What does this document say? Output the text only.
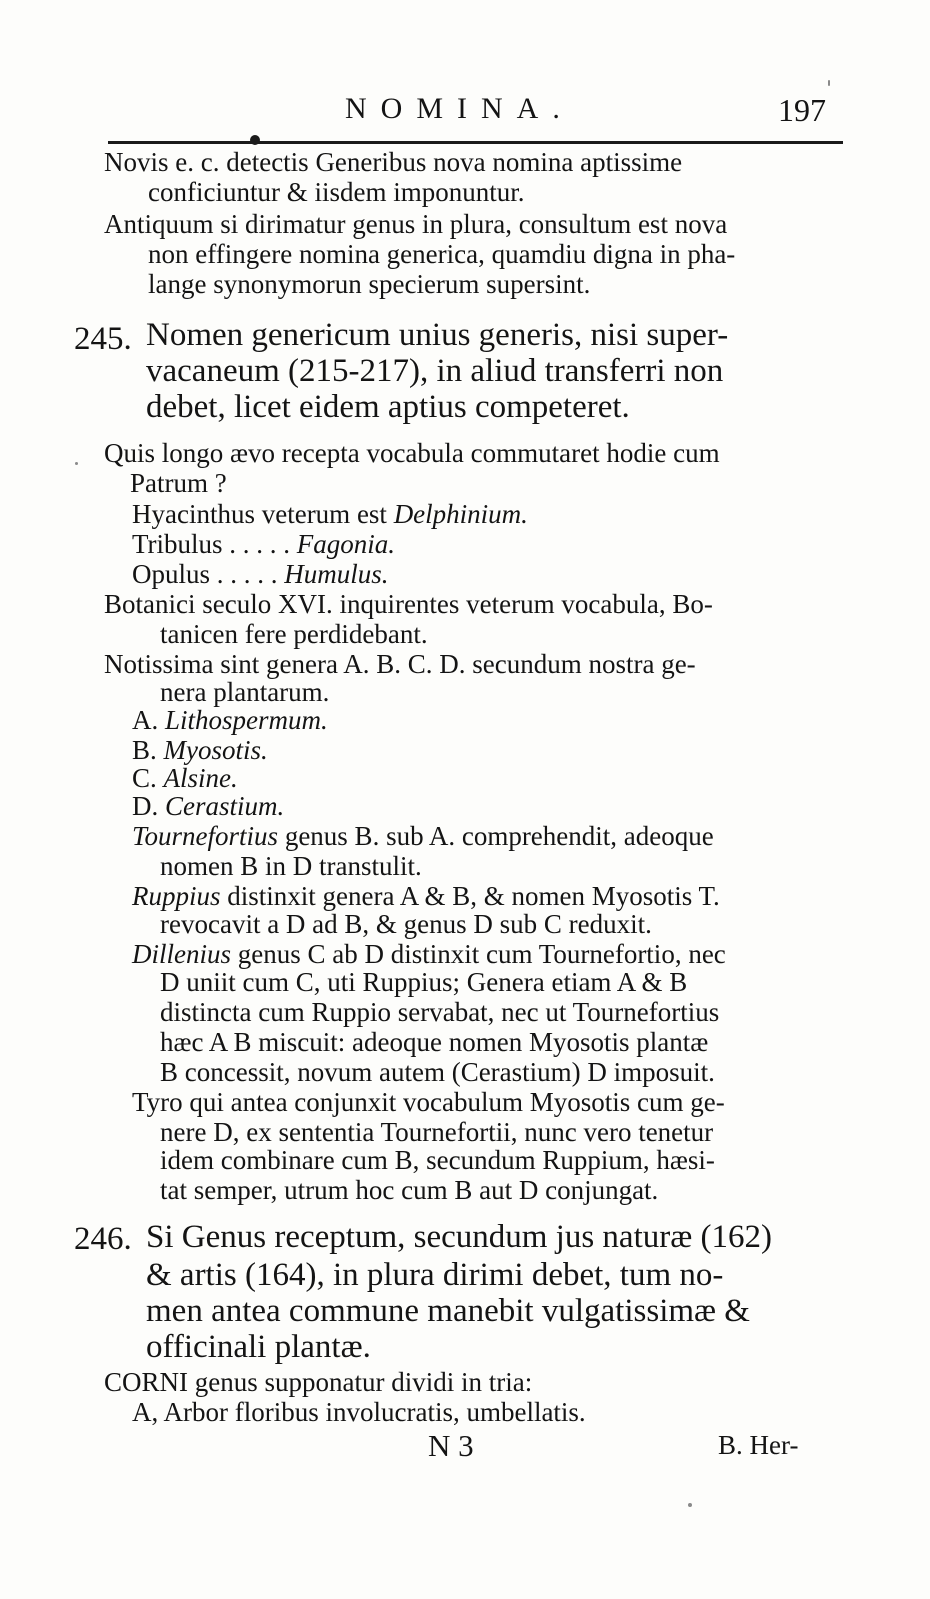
NOMINA.	197
Novis e. c. detectis Generibus nova nomina aptissime
conficiuntur & iisdem imponuntur.
Antiquum si dirimatur genus in plura, consultum est nova
non effingere nomina generica, quamdiu digna in pha-
lange synonymorun specierum supersint.
245. Nomen genericum unius generis, nisi super-
vacaneum (215-217), in aliud transferri non
debet, licet eidem aptius competeret.
Quis longo ævo recepta vocabula commutaret hodie cum
Patrum ?
Hyacinthus veterum est Delphinium.
Tribulus . . . . . Fagonia.
Opulus . . . . . Humulus.
Botanici seculo XVI. inquirentes veterum vocabula, Bo-
tanicen fere perdidebant.
Notissima sint genera A. B. C. D. secundum nostra ge-
nera plantarum.
A. Lithospermum.
B. Myosotis.
C. Alsine.
D. Cerastium.
Tournefortius genus B. sub A. comprehendit, adeoque
nomen B in D transtulit.
Ruppius distinxit genera A & B, & nomen Myosotis T.
revocavit a D ad B, & genus D sub C reduxit.
Dillenius genus C ab D distinxit cum Tournefortio, nec
D uniit cum C, uti Ruppius; Genera etiam A & B
distincta cum Ruppio servabat, nec ut Tournefortius
hæc A B miscuit: adeoque nomen Myosotis plantæ
B concessit, novum autem (Cerastium) D imposuit.
Tyro qui antea conjunxit vocabulum Myosotis cum ge-
nere D, ex sententia Tournefortii, nunc vero tenetur
idem combinare cum B, secundum Ruppium, hæsi-
tat semper, utrum hoc cum B aut D conjungat.
246. Si Genus receptum, secundum jus naturæ (162)
& artis (164), in plura dirimi debet, tum no-
men antea commune manebit vulgatissimæ &
officinali plantæ.
CORNI genus supponatur dividi in tria:
A, Arbor floribus involucratis, umbellatis.
N 3	B. Her-
